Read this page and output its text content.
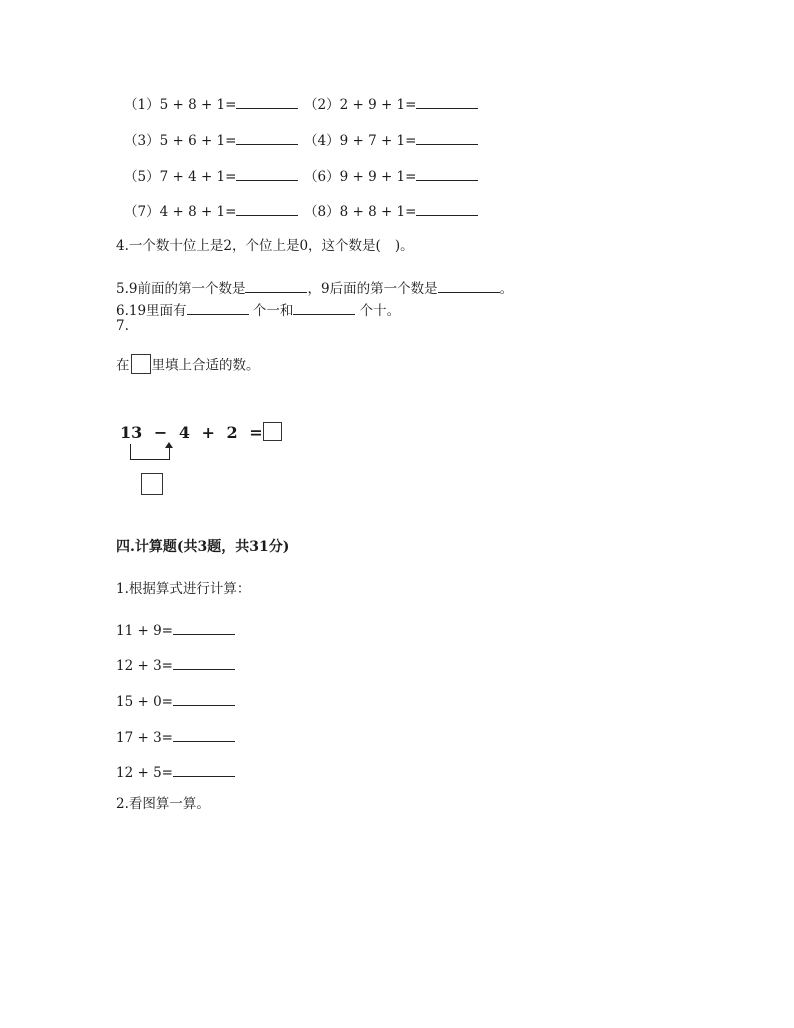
（1）5 + 8 + 1=	（2）2 + 9 + 1=
（3）5 + 6 + 1=	（4）9 + 7 + 1=
（5）7 + 4 + 1=	（6）9 + 9 + 1=
（7）4 + 8 + 1=	（8）8 + 8 + 1=
4.一个数十位上是2，个位上是0，这个数是( )。
5.9前面的第一个数是	，9后面的第一个数是	。
6.19里面有	个一和	个十。
7.
在 里填上合适的数。
13 − 4 + 2 =
四.计算题(共3题，共31分)
1.根据算式进行计算：
11 + 9=
12 + 3=
15 + 0=
17 + 3=
12 + 5=
2.看图算一算。
